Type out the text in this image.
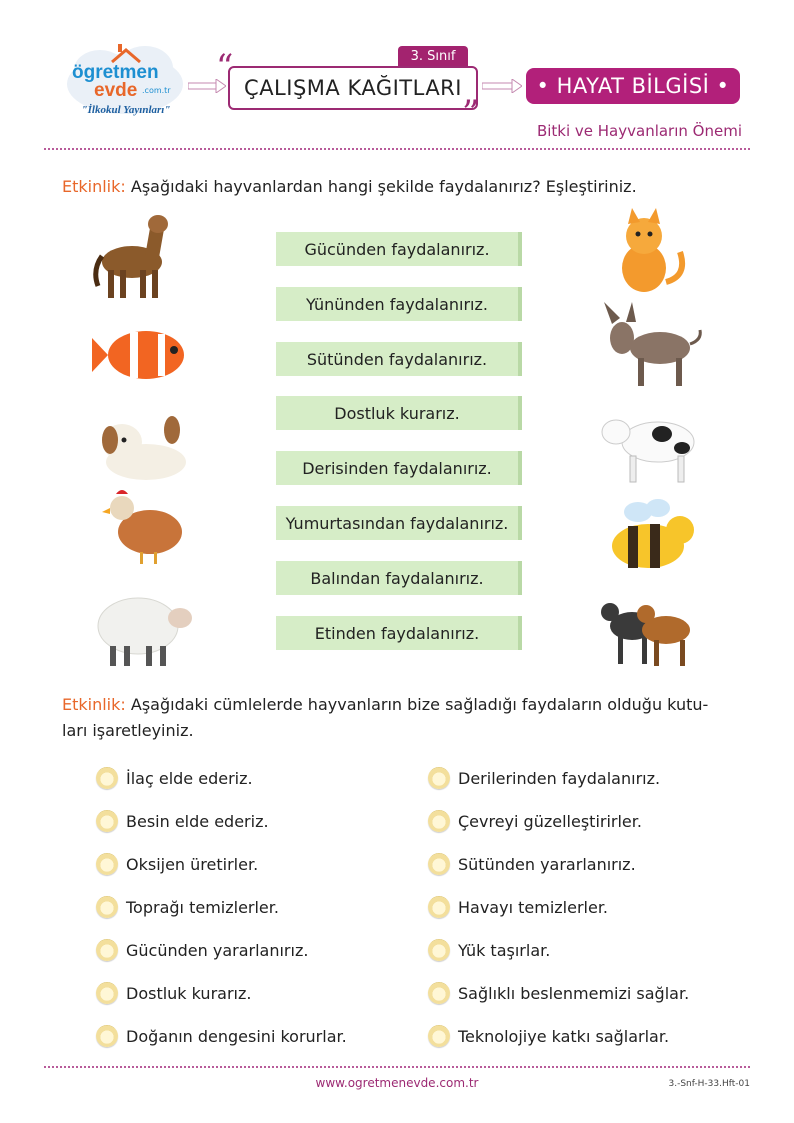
ögretmen
evde .com.tr
"İlkokul Yayınları"
“	3. Sınıf
ÇALIŞMA KAĞITLARI
”
• HAYAT BİLGİSİ •
Bitki ve Hayvanların Önemi
Etkinlik: Aşağıdaki hayvanlardan hangi şekilde faydalanırız? Eşleştiriniz.
Gücünden faydalanırız.
Yününden faydalanırız.
Sütünden faydalanırız.
Dostluk kurarız.
Derisinden faydalanırız.
Yumurtasından faydalanırız.
Balından faydalanırız.
Etinden faydalanırız.
Etkinlik: Aşağıdaki cümlelerde hayvanların bize sağladığı faydaların olduğu kutu-
ları işaretleyiniz.
İlaç elde ederiz.
Besin elde ederiz.
Oksijen üretirler.
Toprağı temizlerler.
Gücünden yararlanırız.
Dostluk kurarız.
Doğanın dengesini korurlar.
Derilerinden faydalanırız.
Çevreyi güzelleştirirler.
Sütünden yararlanırız.
Havayı temizlerler.
Yük taşırlar.
Sağlıklı beslenmemizi sağlar.
Teknolojiye katkı sağlarlar.
www.ogretmenevde.com.tr	3.-Snf-H-33.Hft-01
